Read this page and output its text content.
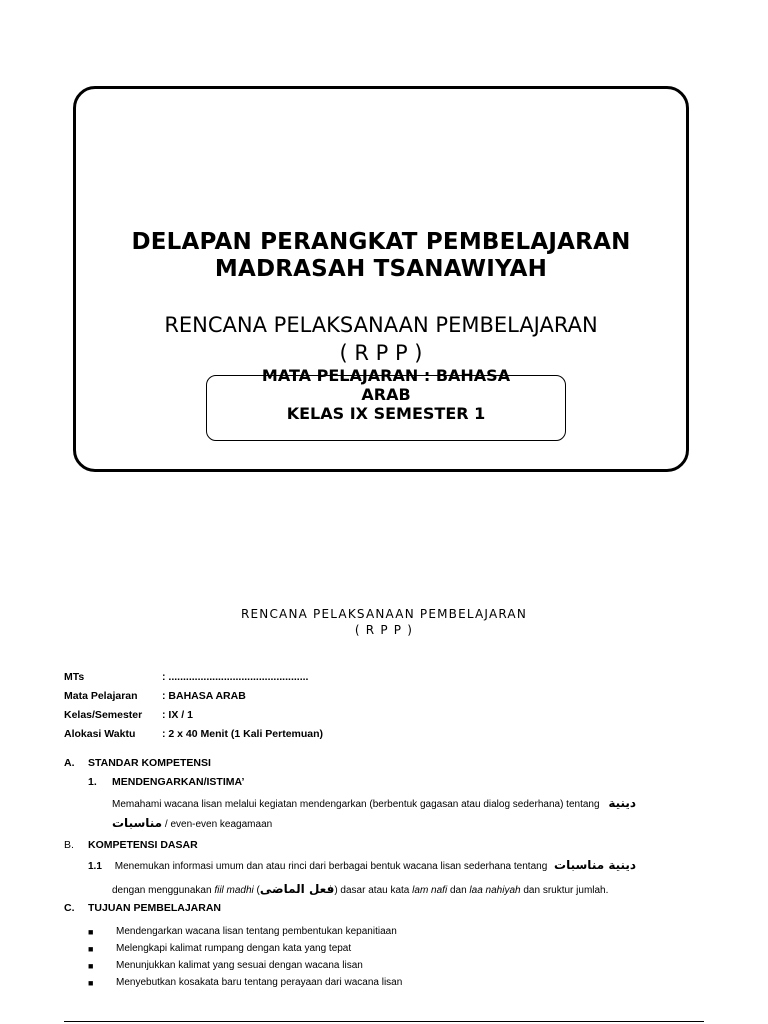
DELAPAN PERANGKAT PEMBELAJARAN
MADRASAH TSANAWIYAH
RENCANA PELAKSANAAN PEMBELAJARAN
( R P P )
MATA PELAJARAN : BAHASA ARAB
KELAS IX SEMESTER 1
RENCANA PELAKSANAAN PEMBELAJARAN
( R P P )
MTs	: ................................................
Mata Pelajaran	: BAHASA ARAB
Kelas/Semester	: IX / 1
Alokasi Waktu	: 2 x 40 Menit (1 Kali Pertemuan)
A.	STANDAR KOMPETENSI
1.	MENDENGARKAN/ISTIMA’
Memahami wacana lisan melalui kegiatan mendengarkan (berbentuk gagasan atau dialog sederhana) tentang دينية
مناسبات / even-even keagamaan
B.	KOMPETENSI DASAR
1.1 Menemukan informasi umum dan atau rinci dari berbagai bentuk wacana lisan sederhana tentang دينية مناسبات
dengan menggunakan fiil madhi (فعل الماضى) dasar atau kata lam nafi dan laa nahiyah dan sruktur jumlah.
C.	TUJUAN PEMBELAJARAN
■	Mendengarkan wacana lisan tentang pembentukan kepanitiaan
■	Melengkapi kalimat rumpang dengan kata yang tepat
■	Menunjukkan kalimat yang sesuai dengan wacana lisan
■	Menyebutkan kosakata baru tentang perayaan dari wacana lisan
